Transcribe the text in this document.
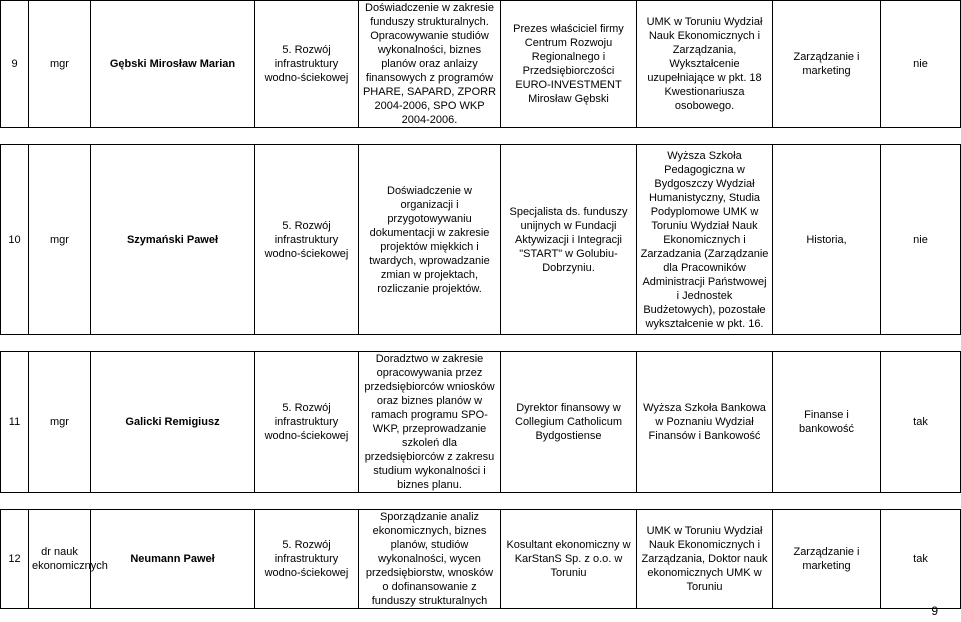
9	mgr	Gębski Mirosław Marian	5. Rozwój infrastruktury wodno-ściekowej	Doświadczenie w zakresie funduszy strukturalnych. Opracowywanie studiów wykonalności, biznes planów oraz anlaizy finansowych z programów PHARE, SAPARD, ZPORR 2004-2006, SPO WKP 2004-2006.	Prezes właściciel firmy Centrum Rozwoju Regionalnego i Przedsiębiorczości EURO-INVESTMENT Mirosław Gębski	UMK w Toruniu Wydział Nauk Ekonomicznych i Zarządzania, Wykształcenie uzupełniające w pkt. 18 Kwestionariusza osobowego.	Zarządzanie i marketing	nie

10	mgr	Szymański Paweł	5. Rozwój infrastruktury wodno-ściekowej	Doświadczenie w organizacji i przygotowywaniu dokumentacji w zakresie projektów miękkich i twardych, wprowadzanie zmian w projektach, rozliczanie projektów.	Specjalista ds. funduszy unijnych w Fundacji Aktywizacji i Integracji "START" w Golubiu-Dobrzyniu.	Wyższa Szkoła Pedagogiczna w Bydgoszczy Wydział Humanistyczny, Studia Podyplomowe UMK w Toruniu Wydział Nauk Ekonomicznych i Zarzadzania (Zarządzanie dla Pracowników Administracji Państwowej i Jednostek Budżetowych), pozostałe wykształcenie w pkt. 16.	Historia,	nie

11	mgr	Galicki Remigiusz	5. Rozwój infrastruktury wodno-ściekowej	Doradztwo w zakresie opracowywania przez przedsiębiorców wniosków oraz biznes planów w ramach programu SPO-WKP, przeprowadzanie szkoleń dla przedsiębiorców z zakresu studium wykonalności i biznes planu.	Dyrektor finansowy w Collegium Catholicum Bydgostiense	Wyższa Szkoła Bankowa w Poznaniu Wydział Finansów i Bankowość	Finanse i bankowość	tak

12	dr nauk ekonomicznych	Neumann Paweł	5. Rozwój infrastruktury wodno-ściekowej	Sporządzanie analiz ekonomicznych, biznes planów, studiów wykonalności, wycen przedsiębiorstw, wnosków o dofinansowanie z funduszy strukturalnych	Kosultant ekonomiczny w KarStanS Sp. z o.o. w Toruniu	UMK w Toruniu Wydział Nauk Ekonomicznych i Zarządzania, Doktor nauk ekonomicznych UMK w Toruniu	Zarządzanie i marketing	tak
9
